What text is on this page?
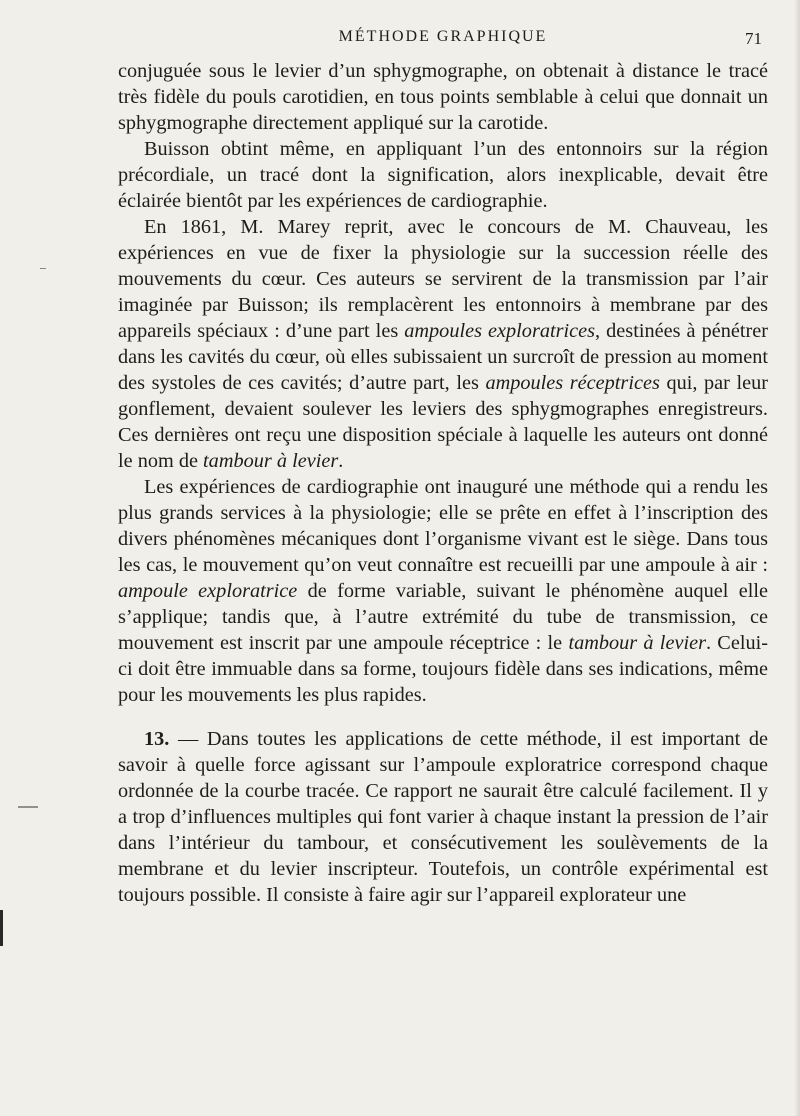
MÉTHODE GRAPHIQUE	71

conjuguée sous le levier d’un sphygmographe, on obtenait à distance le tracé très fidèle du pouls carotidien, en tous points semblable à celui que donnait un sphygmographe directement appliqué sur la carotide.

Buisson obtint même, en appliquant l’un des entonnoirs sur la région précordiale, un tracé dont la signification, alors inexplicable, devait être éclairée bientôt par les expériences de cardiographie.

En 1861, M. Marey reprit, avec le concours de M. Chauveau, les expériences en vue de fixer la physiologie sur la succession réelle des mouvements du cœur. Ces auteurs se servirent de la transmission par l’air imaginée par Buisson; ils remplacèrent les entonnoirs à membrane par des appareils spéciaux : d’une part les ampoules exploratrices, destinées à pénétrer dans les cavités du cœur, où elles subissaient un surcroît de pression au moment des systoles de ces cavités; d’autre part, les ampoules réceptrices qui, par leur gonflement, devaient soulever les leviers des sphygmographes enregistreurs. Ces dernières ont reçu une disposition spéciale à laquelle les auteurs ont donné le nom de tambour à levier.

Les expériences de cardiographie ont inauguré une méthode qui a rendu les plus grands services à la physiologie; elle se prête en effet à l’inscription des divers phénomènes mécaniques dont l’organisme vivant est le siège. Dans tous les cas, le mouvement qu’on veut connaître est recueilli par une ampoule à air : ampoule exploratrice de forme variable, suivant le phénomène auquel elle s’applique; tandis que, à l’autre extrémité du tube de transmission, ce mouvement est inscrit par une ampoule réceptrice : le tambour à levier. Celui-ci doit être immuable dans sa forme, toujours fidèle dans ses indications, même pour les mouvements les plus rapides.

13. — Dans toutes les applications de cette méthode, il est important de savoir à quelle force agissant sur l’ampoule exploratrice correspond chaque ordonnée de la courbe tracée. Ce rapport ne saurait être calculé facilement. Il y a trop d’influences multiples qui font varier à chaque instant la pression de l’air dans l’intérieur du tambour, et consécutivement les soulèvements de la membrane et du levier inscripteur. Toutefois, un contrôle expérimental est toujours possible. Il consiste à faire agir sur l’appareil explorateur une
